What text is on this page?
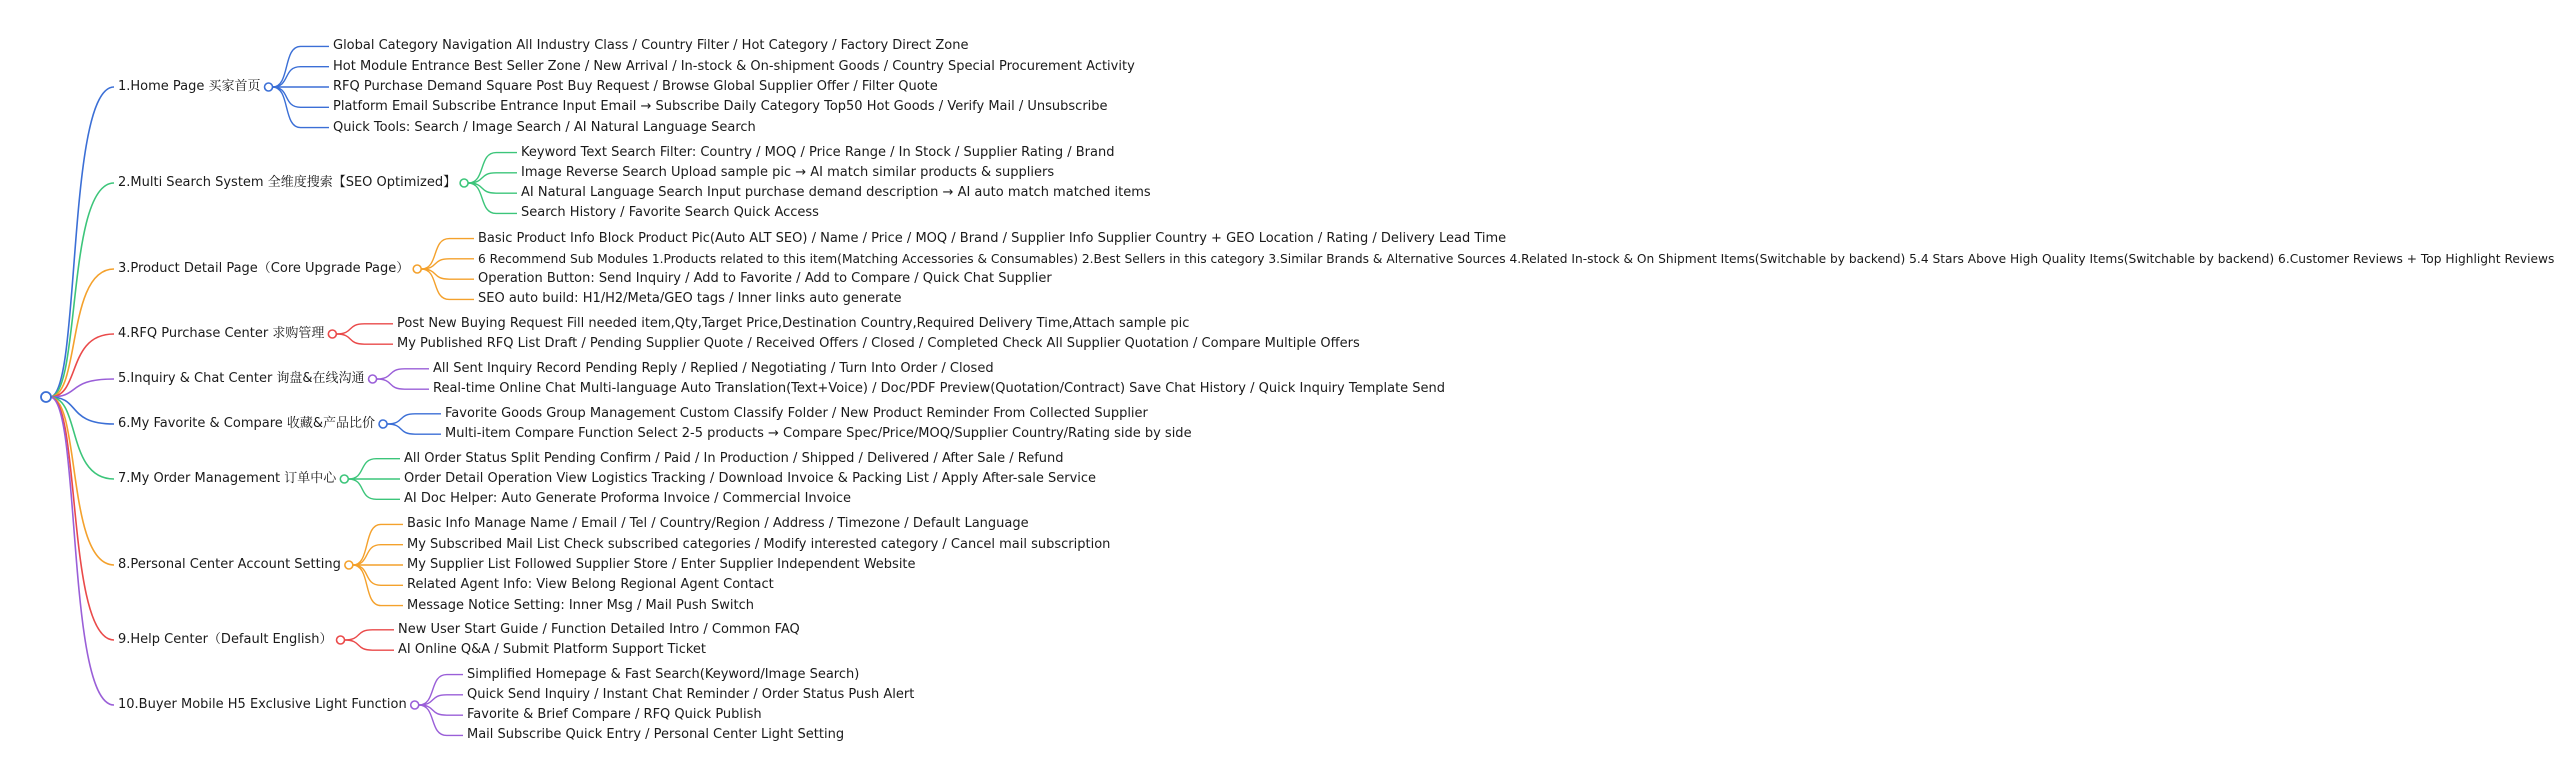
1.Home Page 买家首页
Global Category Navigation All Industry Class / Country Filter / Hot Category / Factory Direct Zone
Hot Module Entrance Best Seller Zone / New Arrival / In-stock & On-shipment Goods / Country Special Procurement Activity
RFQ Purchase Demand Square Post Buy Request / Browse Global Supplier Offer / Filter Quote
Platform Email Subscribe Entrance Input Email → Subscribe Daily Category Top50 Hot Goods / Verify Mail / Unsubscribe
Quick Tools: Search / Image Search / AI Natural Language Search
2.Multi Search System 全维度搜索【SEO Optimized】
Keyword Text Search Filter: Country / MOQ / Price Range / In Stock / Supplier Rating / Brand
Image Reverse Search Upload sample pic → AI match similar products & suppliers
AI Natural Language Search Input purchase demand description → AI auto match matched items
Search History / Favorite Search Quick Access
3.Product Detail Page（Core Upgrade Page）
Basic Product Info Block Product Pic(Auto ALT SEO) / Name / Price / MOQ / Brand / Supplier Info Supplier Country + GEO Location / Rating / Delivery Lead Time
6 Recommend Sub Modules 1.Products related to this item(Matching Accessories & Consumables) 2.Best Sellers in this category 3.Similar Brands & Alternative Sources 4.Related In-stock & On Shipment Items(Switchable by backend) 5.4 Stars Above High Quality Items(Switchable by backend) 6.Customer Reviews + Top Highlight Reviews
Operation Button: Send Inquiry / Add to Favorite / Add to Compare / Quick Chat Supplier
SEO auto build: H1/H2/Meta/GEO tags / Inner links auto generate
4.RFQ Purchase Center 求购管理
Post New Buying Request Fill needed item,Qty,Target Price,Destination Country,Required Delivery Time,Attach sample pic
My Published RFQ List Draft / Pending Supplier Quote / Received Offers / Closed / Completed Check All Supplier Quotation / Compare Multiple Offers
5.Inquiry & Chat Center 询盘&在线沟通
All Sent Inquiry Record Pending Reply / Replied / Negotiating / Turn Into Order / Closed
Real-time Online Chat Multi-language Auto Translation(Text+Voice) / Doc/PDF Preview(Quotation/Contract) Save Chat History / Quick Inquiry Template Send
6.My Favorite & Compare 收藏&产品比价
Favorite Goods Group Management Custom Classify Folder / New Product Reminder From Collected Supplier
Multi-item Compare Function Select 2-5 products → Compare Spec/Price/MOQ/Supplier Country/Rating side by side
7.My Order Management 订单中心
All Order Status Split Pending Confirm / Paid / In Production / Shipped / Delivered / After Sale / Refund
Order Detail Operation View Logistics Tracking / Download Invoice & Packing List / Apply After-sale Service
AI Doc Helper: Auto Generate Proforma Invoice / Commercial Invoice
8.Personal Center Account Setting
Basic Info Manage Name / Email / Tel / Country/Region / Address / Timezone / Default Language
My Subscribed Mail List Check subscribed categories / Modify interested category / Cancel mail subscription
My Supplier List Followed Supplier Store / Enter Supplier Independent Website
Related Agent Info: View Belong Regional Agent Contact
Message Notice Setting: Inner Msg / Mail Push Switch
9.Help Center（Default English）
New User Start Guide / Function Detailed Intro / Common FAQ
AI Online Q&A / Submit Platform Support Ticket
10.Buyer Mobile H5 Exclusive Light Function
Simplified Homepage & Fast Search(Keyword/Image Search)
Quick Send Inquiry / Instant Chat Reminder / Order Status Push Alert
Favorite & Brief Compare / RFQ Quick Publish
Mail Subscribe Quick Entry / Personal Center Light Setting
